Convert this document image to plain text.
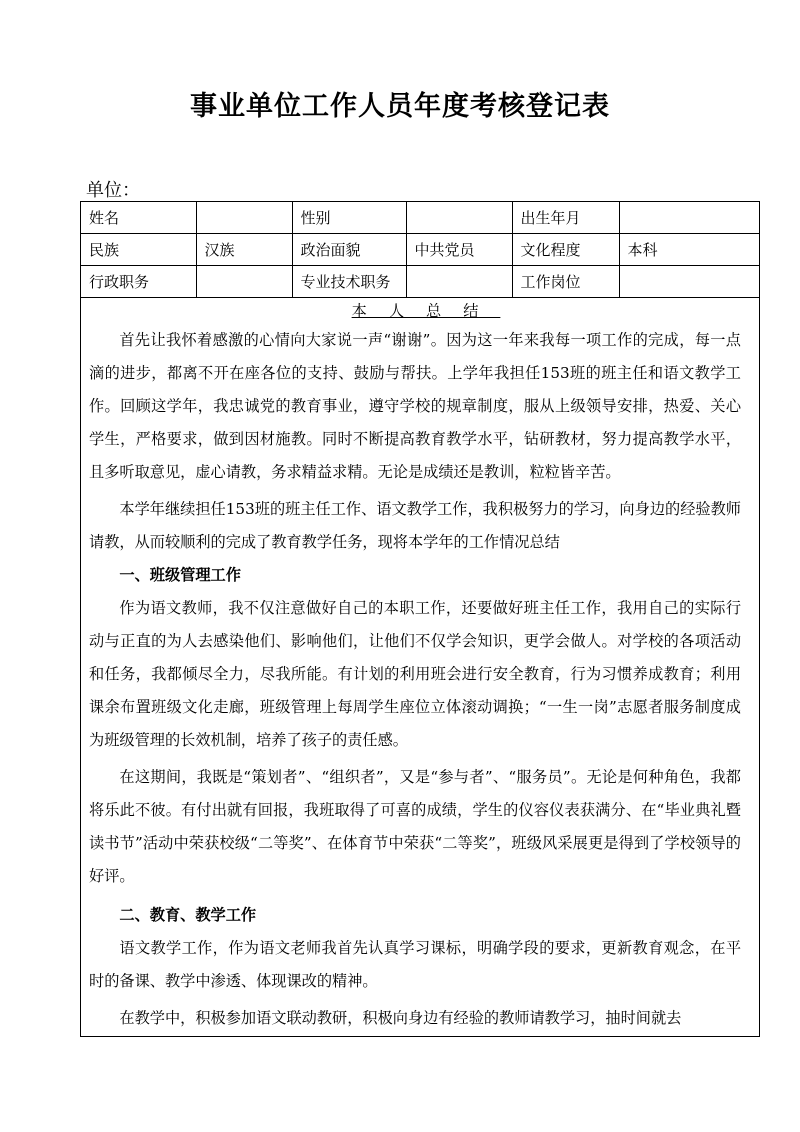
事业单位工作人员年度考核登记表
单位：
姓名		性别		出生年月	
民族	汉族	政治面貌	中共党员	文化程度	本科
行政职务		专业技术职务		工作岗位	

本人总结

首先让我怀着感激的心情向大家说一声“谢谢”。因为这一年来我每一项工作的完成，每一点滴的进步，都离不开在座各位的支持、鼓励与帮扶。上学年我担任153班的班主任和语文教学工作。回顾这学年，我忠诚党的教育事业，遵守学校的规章制度，服从上级领导安排，热爱、关心学生，严格要求，做到因材施教。同时不断提高教育教学水平，钻研教材，努力提高教学水平，且多听取意见，虚心请教，务求精益求精。无论是成绩还是教训，粒粒皆辛苦。

本学年继续担任153班的班主任工作、语文教学工作，我积极努力的学习，向身边的经验教师请教，从而较顺利的完成了教育教学任务，现将本学年的工作情况总结

一、班级管理工作

作为语文教师，我不仅注意做好自己的本职工作，还要做好班主任工作，我用自己的实际行动与正直的为人去感染他们、影响他们，让他们不仅学会知识，更学会做人。对学校的各项活动和任务，我都倾尽全力，尽我所能。有计划的利用班会进行安全教育，行为习惯养成教育；利用课余布置班级文化走廊，班级管理上每周学生座位立体滚动调换；“一生一岗”志愿者服务制度成为班级管理的长效机制，培养了孩子的责任感。

在这期间，我既是“策划者”、“组织者”，又是“参与者”、“服务员”。无论是何种角色，我都将乐此不彼。有付出就有回报，我班取得了可喜的成绩，学生的仪容仪表获满分、在“毕业典礼暨读书节”活动中荣获校级“二等奖”、在体育节中荣获“二等奖”，班级风采展更是得到了学校领导的好评。

二、教育、教学工作

语文教学工作，作为语文老师我首先认真学习课标，明确学段的要求，更新教育观念，在平时的备课、教学中渗透、体现课改的精神。

在教学中，积极参加语文联动教研，积极向身边有经验的教师请教学习，抽时间就去
